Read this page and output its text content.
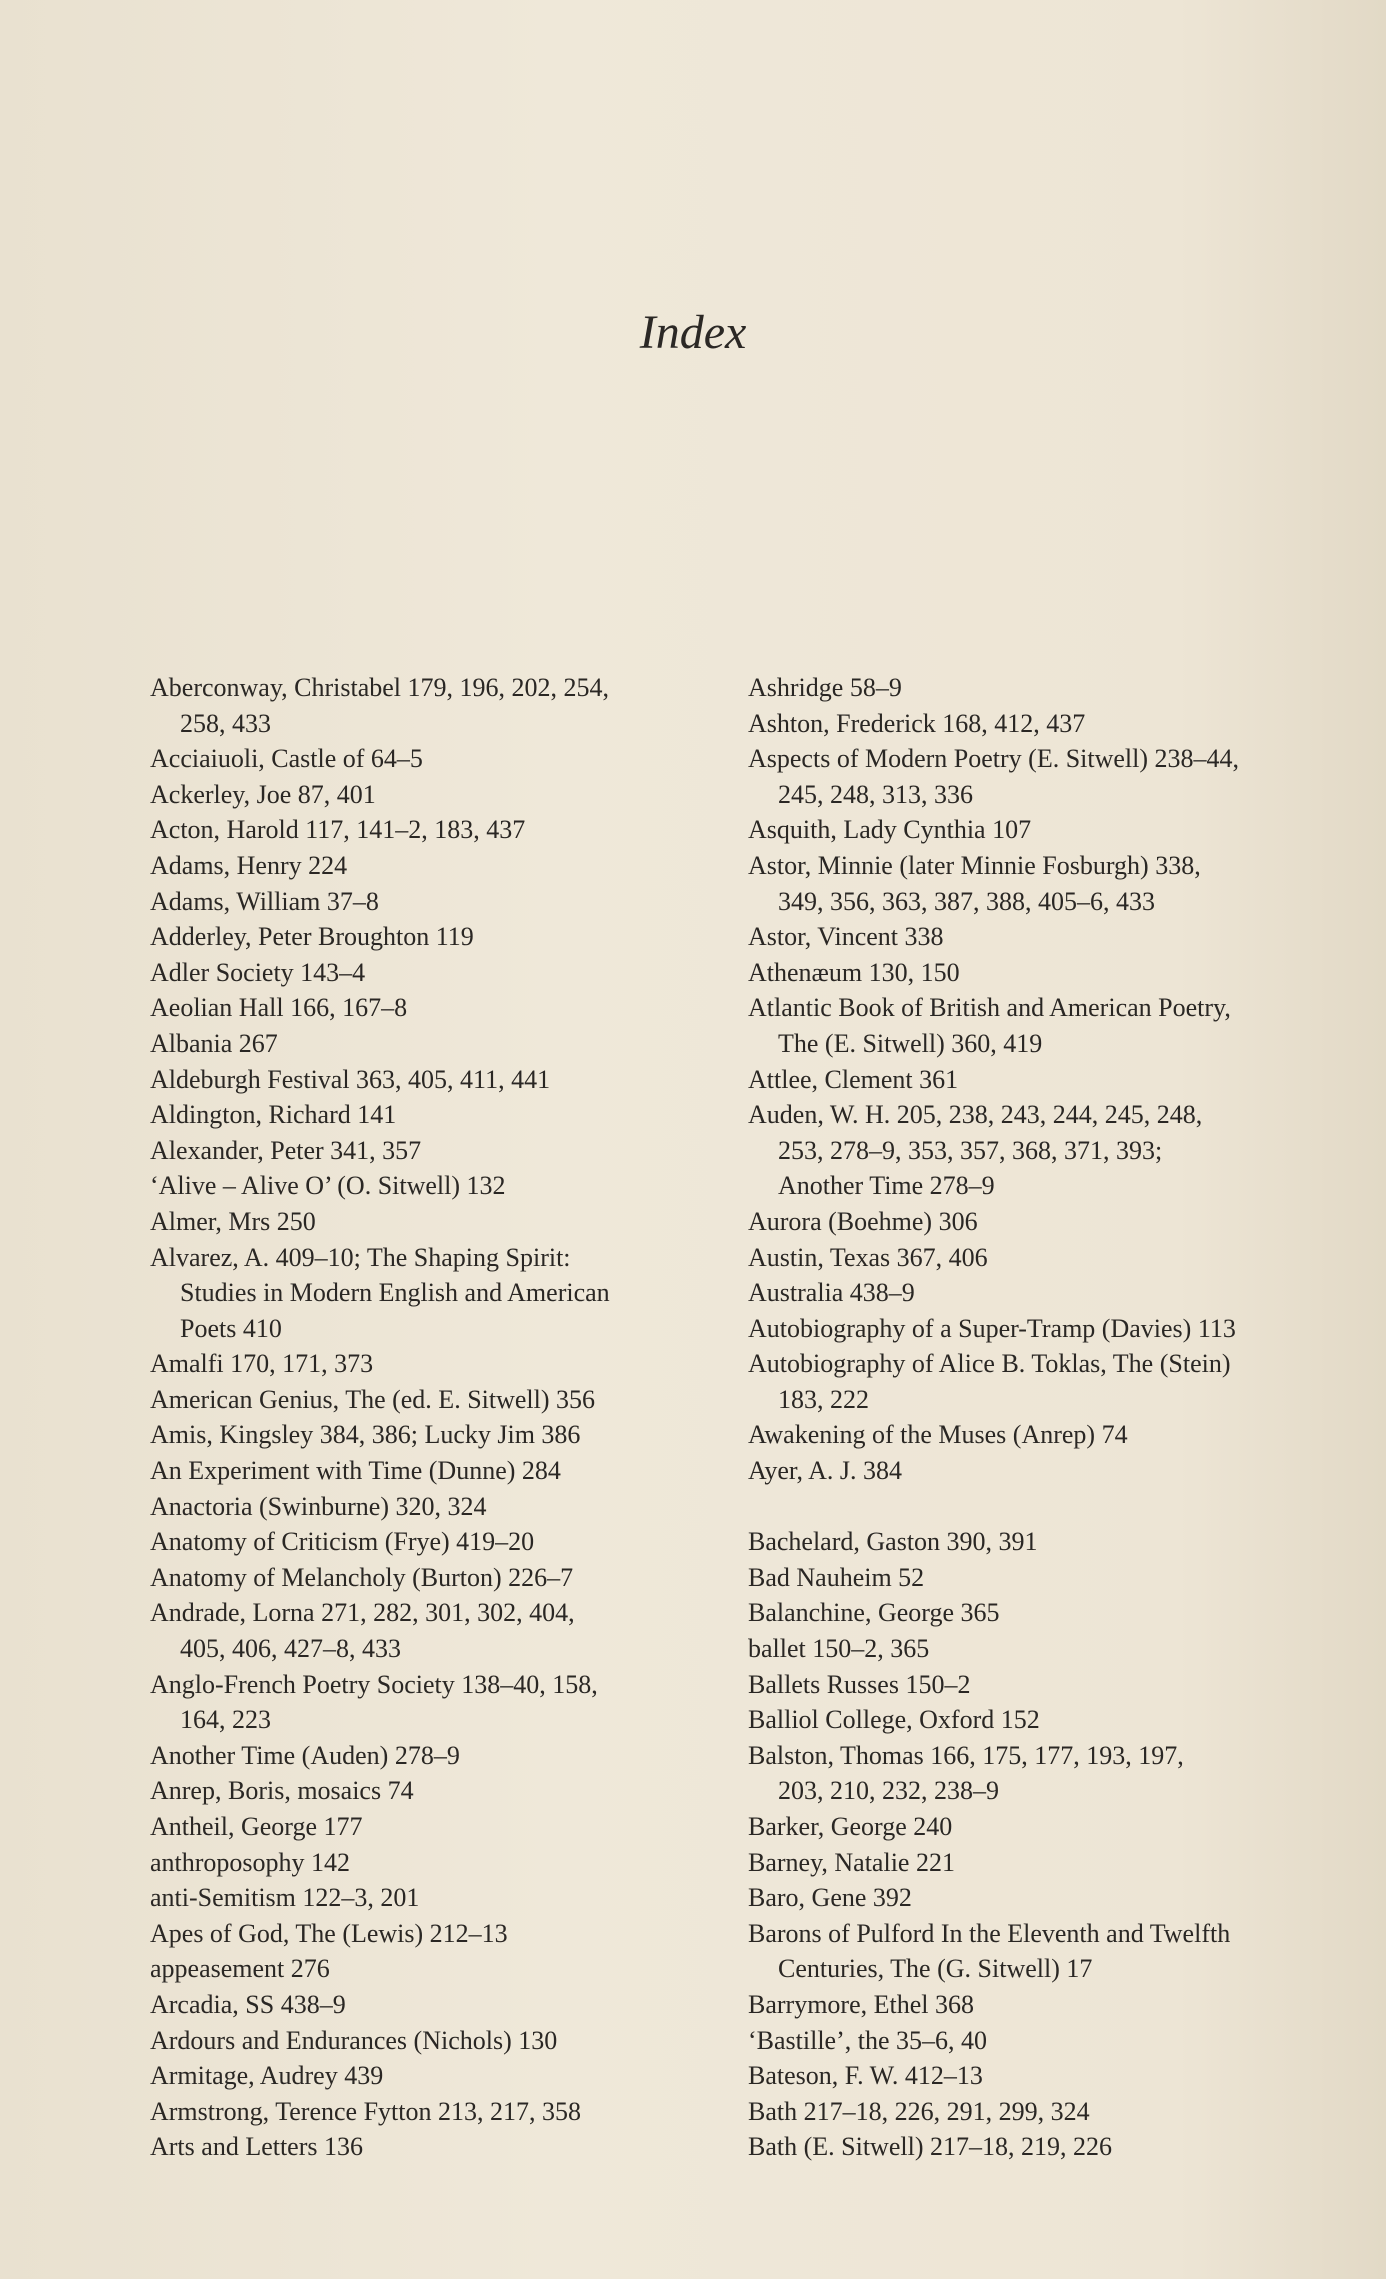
Index
Aberconway, Christabel 179, 196, 202, 254,
258, 433
Acciaiuoli, Castle of 64–5
Ackerley, Joe 87, 401
Acton, Harold 117, 141–2, 183, 437
Adams, Henry 224
Adams, William 37–8
Adderley, Peter Broughton 119
Adler Society 143–4
Aeolian Hall 166, 167–8
Albania 267
Aldeburgh Festival 363, 405, 411, 441
Aldington, Richard 141
Alexander, Peter 341, 357
‘Alive – Alive O’ (O. Sitwell) 132
Almer, Mrs 250
Alvarez, A. 409–10; The Shaping Spirit:
Studies in Modern English and American
Poets 410
Amalfi 170, 171, 373
American Genius, The (ed. E. Sitwell) 356
Amis, Kingsley 384, 386; Lucky Jim 386
An Experiment with Time (Dunne) 284
Anactoria (Swinburne) 320, 324
Anatomy of Criticism (Frye) 419–20
Anatomy of Melancholy (Burton) 226–7
Andrade, Lorna 271, 282, 301, 302, 404,
405, 406, 427–8, 433
Anglo-French Poetry Society 138–40, 158,
164, 223
Another Time (Auden) 278–9
Anrep, Boris, mosaics 74
Antheil, George 177
anthroposophy 142
anti-Semitism 122–3, 201
Apes of God, The (Lewis) 212–13
appeasement 276
Arcadia, SS 438–9
Ardours and Endurances (Nichols) 130
Armitage, Audrey 439
Armstrong, Terence Fytton 213, 217, 358
Arts and Letters 136
Ashridge 58–9
Ashton, Frederick 168, 412, 437
Aspects of Modern Poetry (E. Sitwell) 238–44,
245, 248, 313, 336
Asquith, Lady Cynthia 107
Astor, Minnie (later Minnie Fosburgh) 338,
349, 356, 363, 387, 388, 405–6, 433
Astor, Vincent 338
Athenæum 130, 150
Atlantic Book of British and American Poetry,
The (E. Sitwell) 360, 419
Attlee, Clement 361
Auden, W. H. 205, 238, 243, 244, 245, 248,
253, 278–9, 353, 357, 368, 371, 393;
Another Time 278–9
Aurora (Boehme) 306
Austin, Texas 367, 406
Australia 438–9
Autobiography of a Super-Tramp (Davies) 113
Autobiography of Alice B. Toklas, The (Stein)
183, 222
Awakening of the Muses (Anrep) 74
Ayer, A. J. 384
Bachelard, Gaston 390, 391
Bad Nauheim 52
Balanchine, George 365
ballet 150–2, 365
Ballets Russes 150–2
Balliol College, Oxford 152
Balston, Thomas 166, 175, 177, 193, 197,
203, 210, 232, 238–9
Barker, George 240
Barney, Natalie 221
Baro, Gene 392
Barons of Pulford In the Eleventh and Twelfth
Centuries, The (G. Sitwell) 17
Barrymore, Ethel 368
‘Bastille’, the 35–6, 40
Bateson, F. W. 412–13
Bath 217–18, 226, 291, 299, 324
Bath (E. Sitwell) 217–18, 219, 226
